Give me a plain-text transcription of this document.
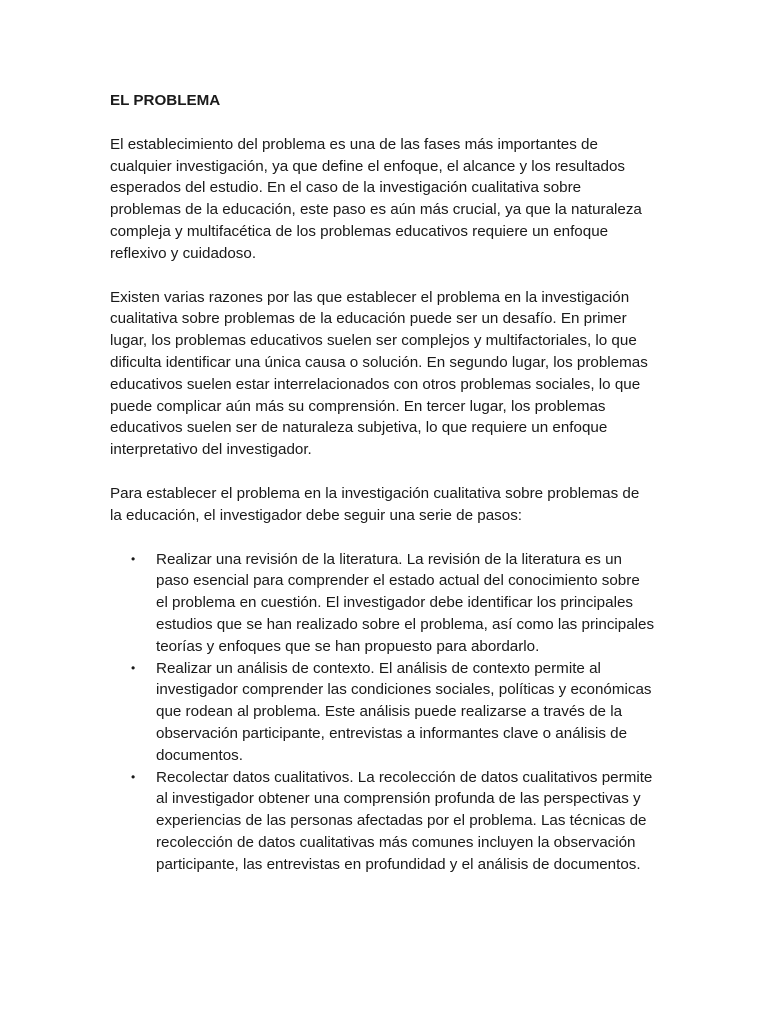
EL PROBLEMA

El establecimiento del problema es una de las fases más importantes de cualquier investigación, ya que define el enfoque, el alcance y los resultados esperados del estudio. En el caso de la investigación cualitativa sobre problemas de la educación, este paso es aún más crucial, ya que la naturaleza compleja y multifacética de los problemas educativos requiere un enfoque reflexivo y cuidadoso.

Existen varias razones por las que establecer el problema en la investigación cualitativa sobre problemas de la educación puede ser un desafío. En primer lugar, los problemas educativos suelen ser complejos y multifactoriales, lo que dificulta identificar una única causa o solución. En segundo lugar, los problemas educativos suelen estar interrelacionados con otros problemas sociales, lo que puede complicar aún más su comprensión. En tercer lugar, los problemas educativos suelen ser de naturaleza subjetiva, lo que requiere un enfoque interpretativo del investigador.

Para establecer el problema en la investigación cualitativa sobre problemas de la educación, el investigador debe seguir una serie de pasos:

• Realizar una revisión de la literatura. La revisión de la literatura es un paso esencial para comprender el estado actual del conocimiento sobre el problema en cuestión. El investigador debe identificar los principales estudios que se han realizado sobre el problema, así como las principales teorías y enfoques que se han propuesto para abordarlo.
• Realizar un análisis de contexto. El análisis de contexto permite al investigador comprender las condiciones sociales, políticas y económicas que rodean al problema. Este análisis puede realizarse a través de la observación participante, entrevistas a informantes clave o análisis de documentos.
• Recolectar datos cualitativos. La recolección de datos cualitativos permite al investigador obtener una comprensión profunda de las perspectivas y experiencias de las personas afectadas por el problema. Las técnicas de recolección de datos cualitativas más comunes incluyen la observación participante, las entrevistas en profundidad y el análisis de documentos.
